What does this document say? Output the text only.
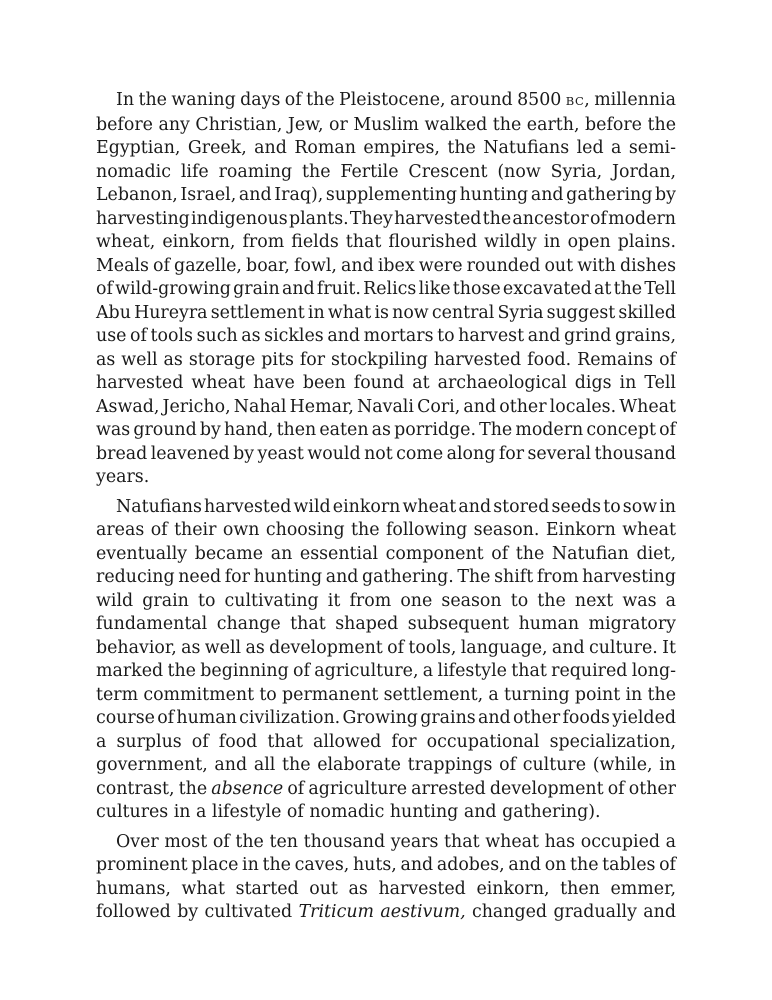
In the waning days of the Pleistocene, around 8500 BC, millennia
before any Christian, Jew, or Muslim walked the earth, before the
Egyptian, Greek, and Roman empires, the Natufians led a semi-
nomadic life roaming the Fertile Crescent (now Syria, Jordan,
Lebanon, Israel, and Iraq), supplementing hunting and gathering by
harvesting indigenous plants. They harvested the ancestor of modern
wheat, einkorn, from fields that flourished wildly in open plains.
Meals of gazelle, boar, fowl, and ibex were rounded out with dishes
of wild-growing grain and fruit. Relics like those excavated at the Tell
Abu Hureyra settlement in what is now central Syria suggest skilled
use of tools such as sickles and mortars to harvest and grind grains,
as well as storage pits for stockpiling harvested food. Remains of
harvested wheat have been found at archaeological digs in Tell
Aswad, Jericho, Nahal Hemar, Navali Cori, and other locales. Wheat
was ground by hand, then eaten as porridge. The modern concept of
bread leavened by yeast would not come along for several thousand
years.
Natufians harvested wild einkorn wheat and stored seeds to sow in
areas of their own choosing the following season. Einkorn wheat
eventually became an essential component of the Natufian diet,
reducing need for hunting and gathering. The shift from harvesting
wild grain to cultivating it from one season to the next was a
fundamental change that shaped subsequent human migratory
behavior, as well as development of tools, language, and culture. It
marked the beginning of agriculture, a lifestyle that required long-
term commitment to permanent settlement, a turning point in the
course of human civilization. Growing grains and other foods yielded
a surplus of food that allowed for occupational specialization,
government, and all the elaborate trappings of culture (while, in
contrast, the absence of agriculture arrested development of other
cultures in a lifestyle of nomadic hunting and gathering).
Over most of the ten thousand years that wheat has occupied a
prominent place in the caves, huts, and adobes, and on the tables of
humans, what started out as harvested einkorn, then emmer,
followed by cultivated Triticum aestivum, changed gradually and
